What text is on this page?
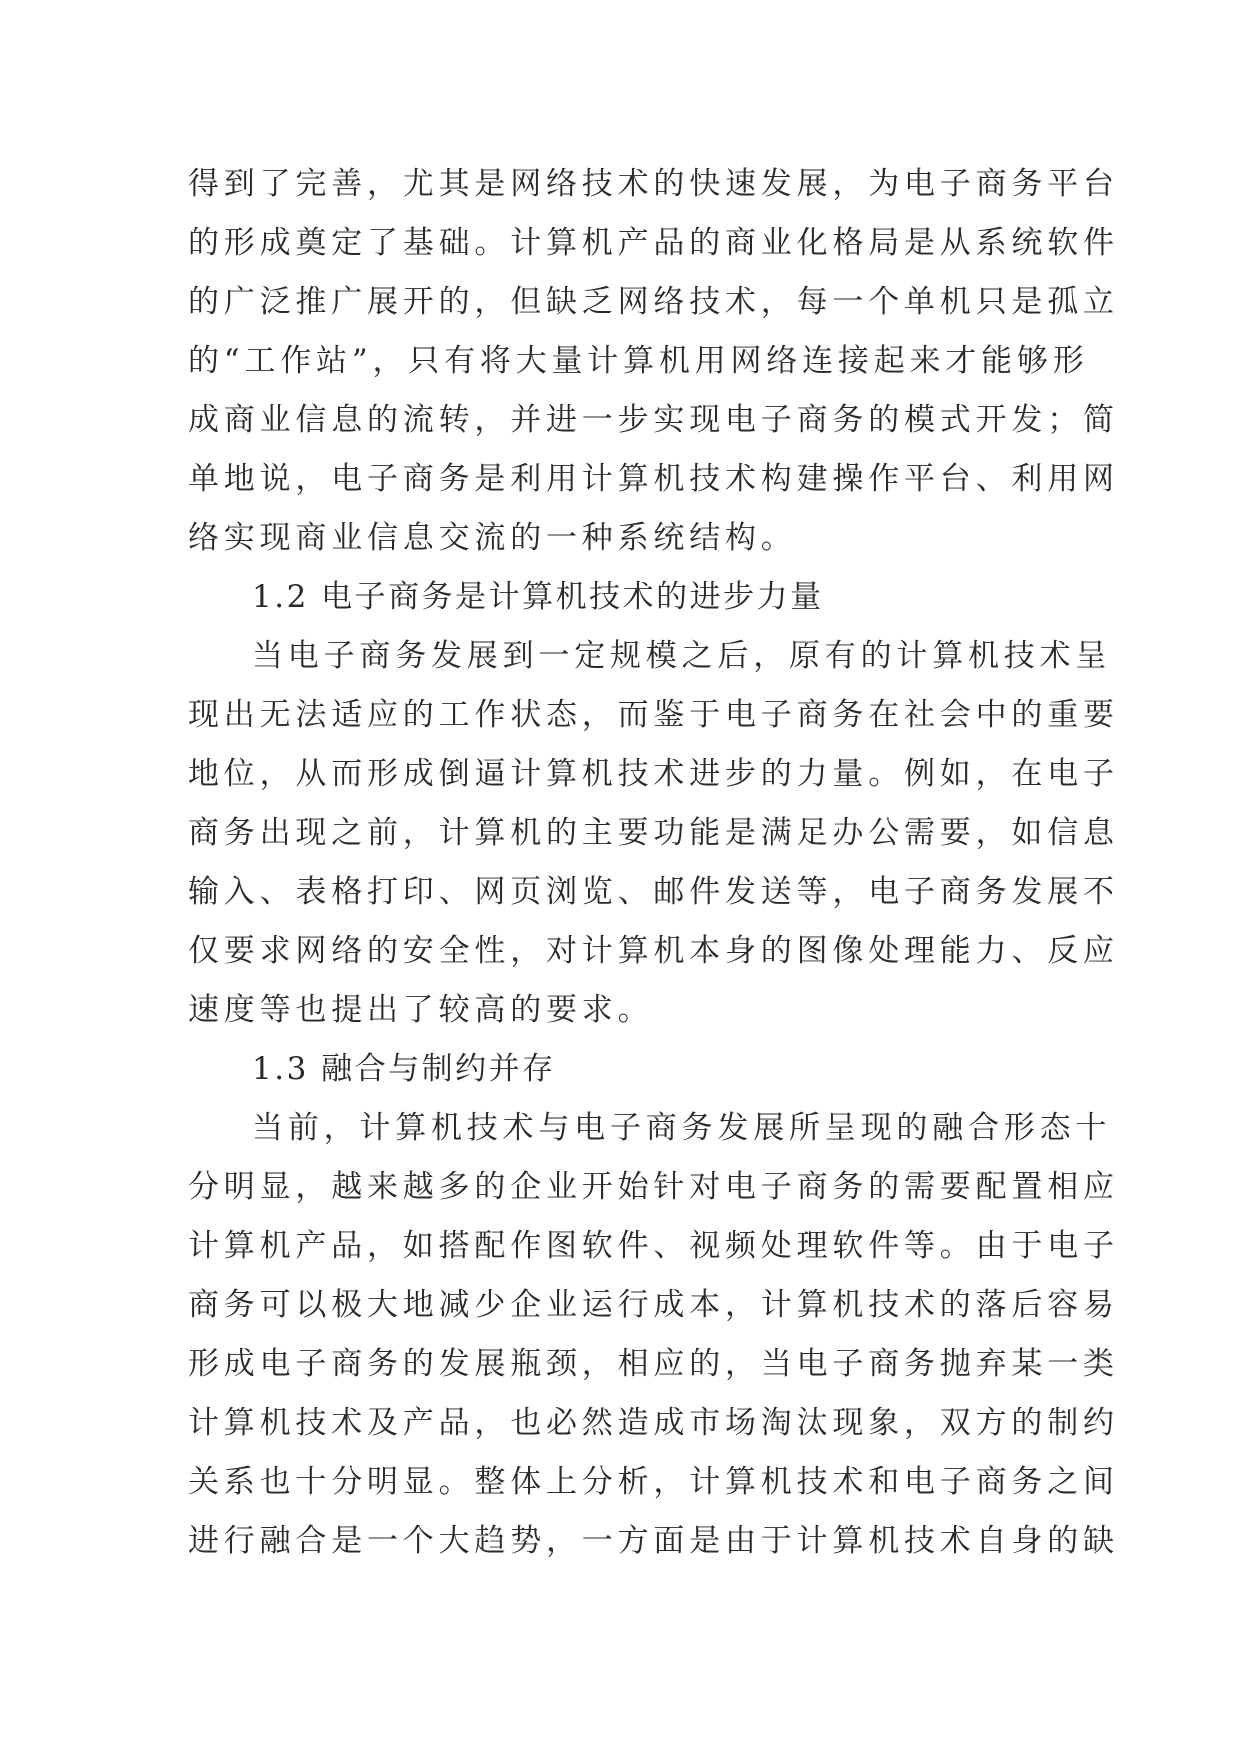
得到了完善，尤其是网络技术的快速发展，为电子商务平台
的形成奠定了基础。计算机产品的商业化格局是从系统软件
的广泛推广展开的，但缺乏网络技术，每一个单机只是孤立
的“工作站”，只有将大量计算机用网络连接起来才能够形
成商业信息的流转，并进一步实现电子商务的模式开发；简
单地说，电子商务是利用计算机技术构建操作平台、利用网
络实现商业信息交流的一种系统结构。
1.2 电子商务是计算机技术的进步力量
当电子商务发展到一定规模之后，原有的计算机技术呈
现出无法适应的工作状态，而鉴于电子商务在社会中的重要
地位，从而形成倒逼计算机技术进步的力量。例如，在电子
商务出现之前，计算机的主要功能是满足办公需要，如信息
输入、表格打印、网页浏览、邮件发送等，电子商务发展不
仅要求网络的安全性，对计算机本身的图像处理能力、反应
速度等也提出了较高的要求。
1.3 融合与制约并存
当前，计算机技术与电子商务发展所呈现的融合形态十
分明显，越来越多的企业开始针对电子商务的需要配置相应
计算机产品，如搭配作图软件、视频处理软件等。由于电子
商务可以极大地减少企业运行成本，计算机技术的落后容易
形成电子商务的发展瓶颈，相应的，当电子商务抛弃某一类
计算机技术及产品，也必然造成市场淘汰现象，双方的制约
关系也十分明显。整体上分析，计算机技术和电子商务之间
进行融合是一个大趋势，一方面是由于计算机技术自身的缺
